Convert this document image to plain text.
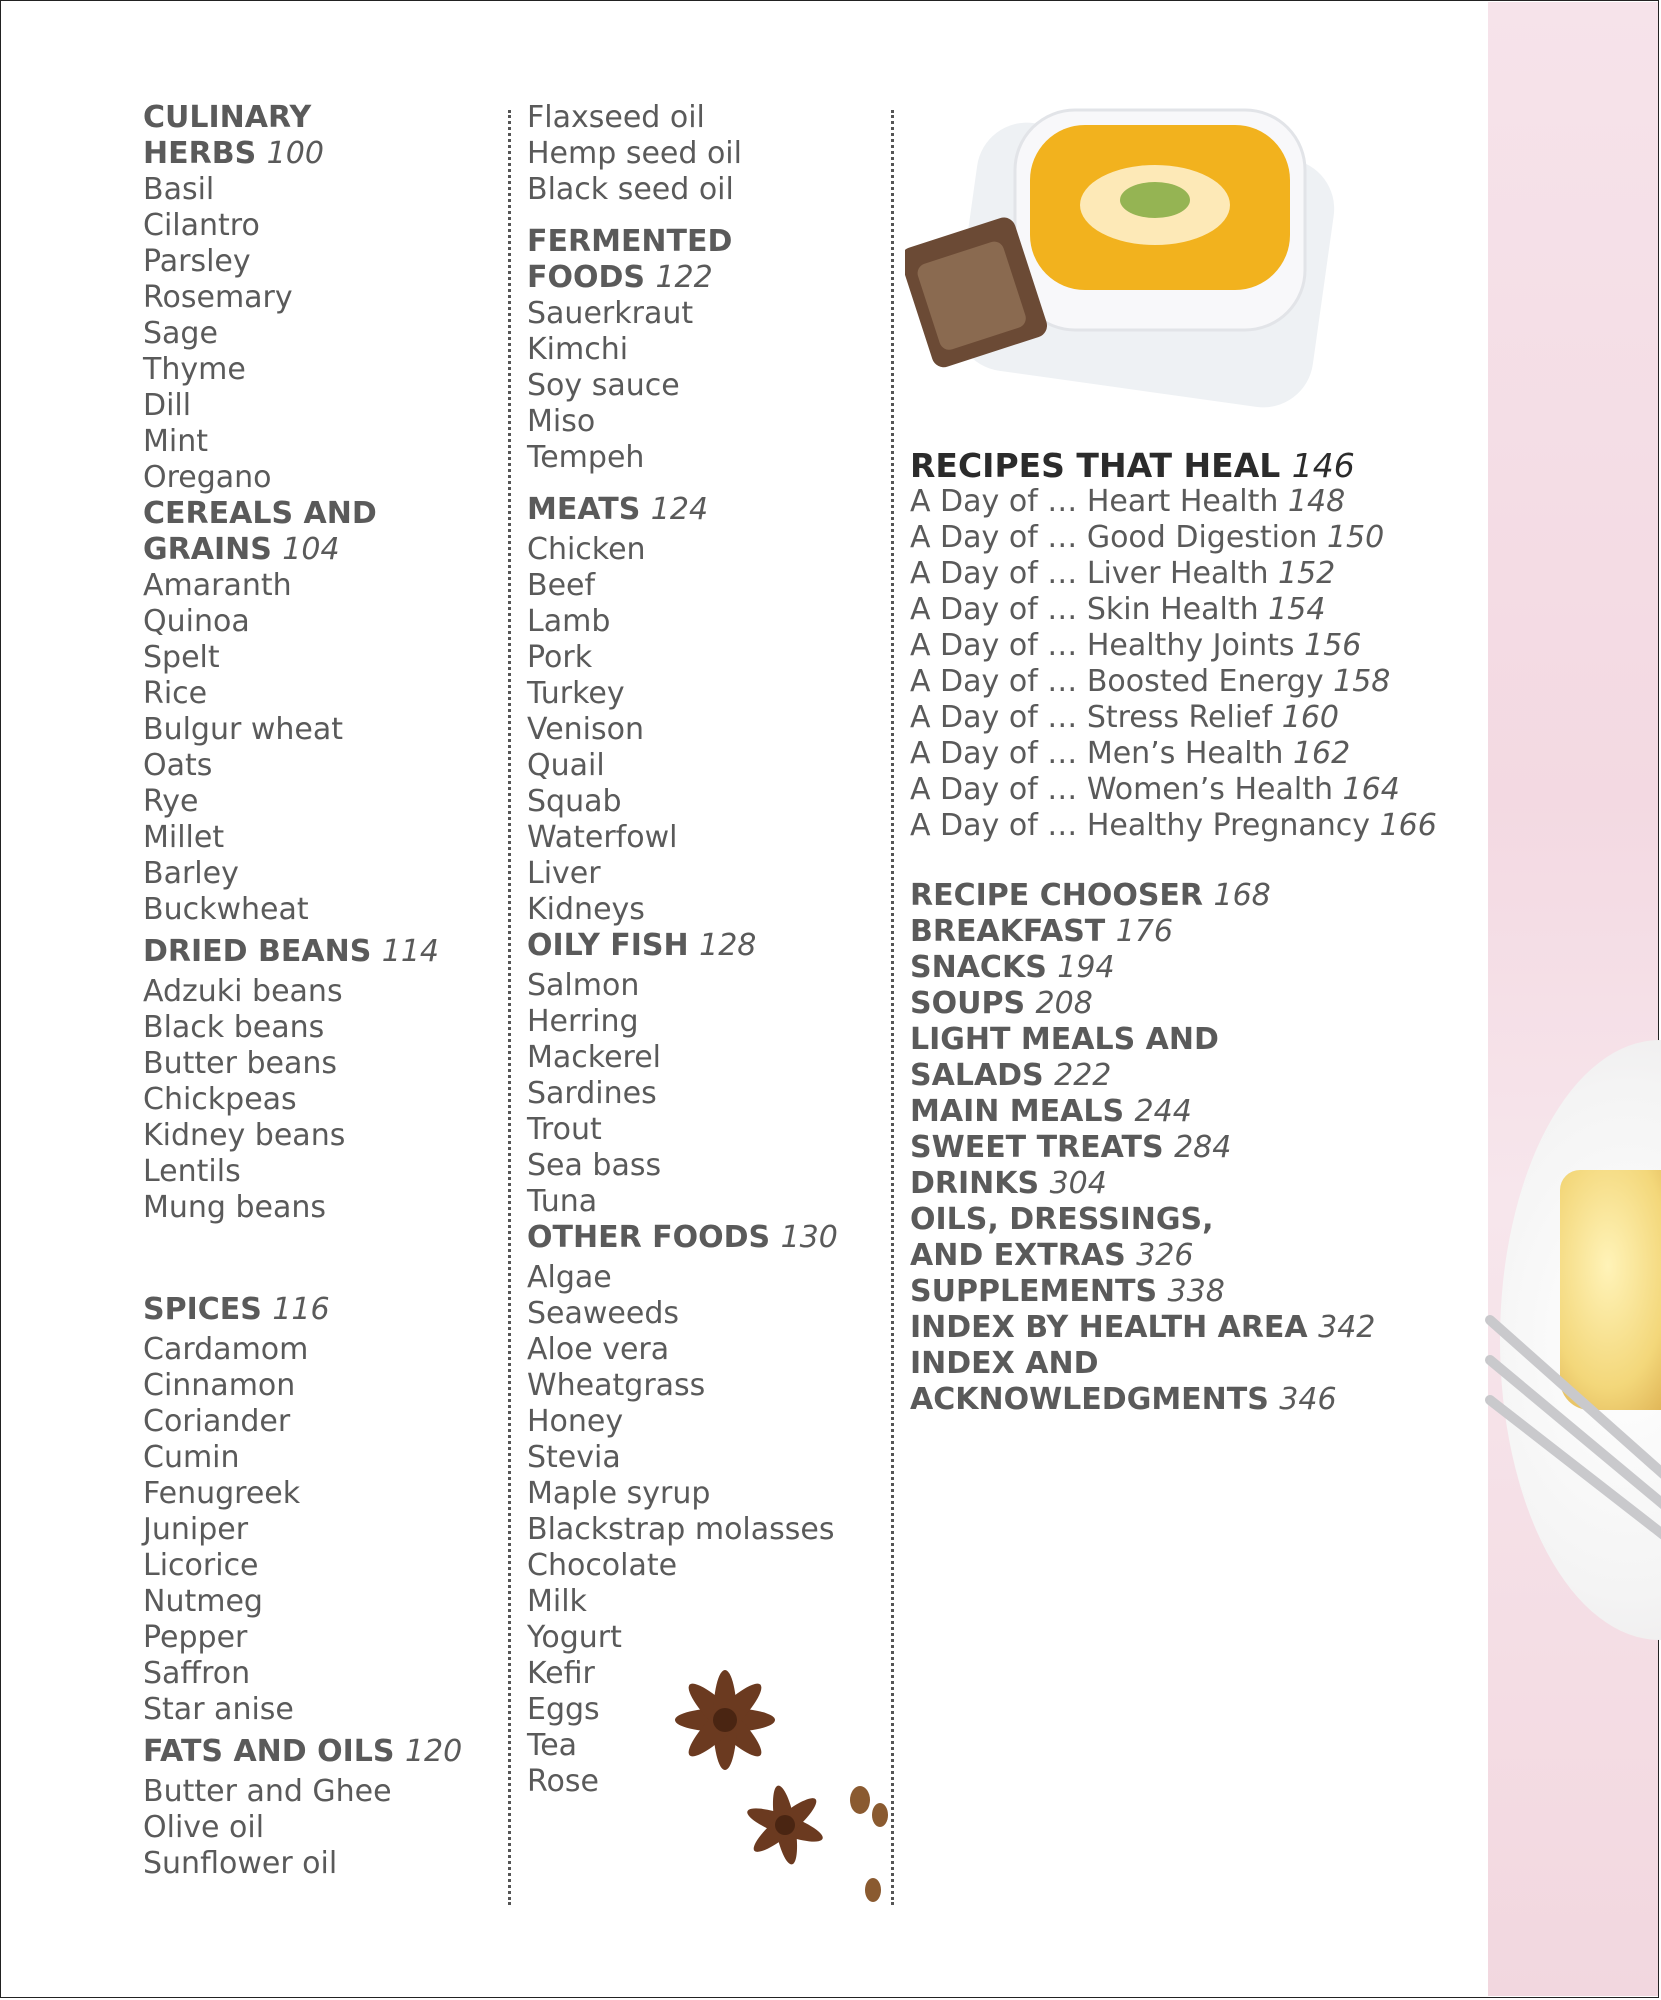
CULINARY
HERBS 100
Basil
Cilantro
Parsley
Rosemary
Sage
Thyme
Dill
Mint
Oregano
CEREALS AND
GRAINS 104
Amaranth
Quinoa
Spelt
Rice
Bulgur wheat
Oats
Rye
Millet
Barley
Buckwheat
DRIED BEANS 114
Adzuki beans
Black beans
Butter beans
Chickpeas
Kidney beans
Lentils
Mung beans
SPICES 116
Cardamom
Cinnamon
Coriander
Cumin
Fenugreek
Juniper
Licorice
Nutmeg
Pepper
Saffron
Star anise
FATS AND OILS 120
Butter and Ghee
Olive oil
Sunflower oil
Flaxseed oil
Hemp seed oil
Black seed oil
FERMENTED
FOODS 122
Sauerkraut
Kimchi
Soy sauce
Miso
Tempeh
MEATS 124
Chicken
Beef
Lamb
Pork
Turkey
Venison
Quail
Squab
Waterfowl
Liver
Kidneys
OILY FISH 128
Salmon
Herring
Mackerel
Sardines
Trout
Sea bass
Tuna
OTHER FOODS 130
Algae
Seaweeds
Aloe vera
Wheatgrass
Honey
Stevia
Maple syrup
Blackstrap molasses
Chocolate
Milk
Yogurt
Kefir
Eggs
Tea
Rose
RECIPES THAT HEAL 146
A Day of … Heart Health 148
A Day of … Good Digestion 150
A Day of … Liver Health 152
A Day of … Skin Health 154
A Day of … Healthy Joints 156
A Day of … Boosted Energy 158
A Day of … Stress Relief 160
A Day of … Men’s Health 162
A Day of … Women’s Health 164
A Day of … Healthy Pregnancy 166
RECIPE CHOOSER 168
BREAKFAST 176
SNACKS 194
SOUPS 208
LIGHT MEALS AND
SALADS 222
MAIN MEALS 244
SWEET TREATS 284
DRINKS 304
OILS, DRESSINGS,
AND EXTRAS 326
SUPPLEMENTS 338
INDEX BY HEALTH AREA 342
INDEX AND
ACKNOWLEDGMENTS 346
